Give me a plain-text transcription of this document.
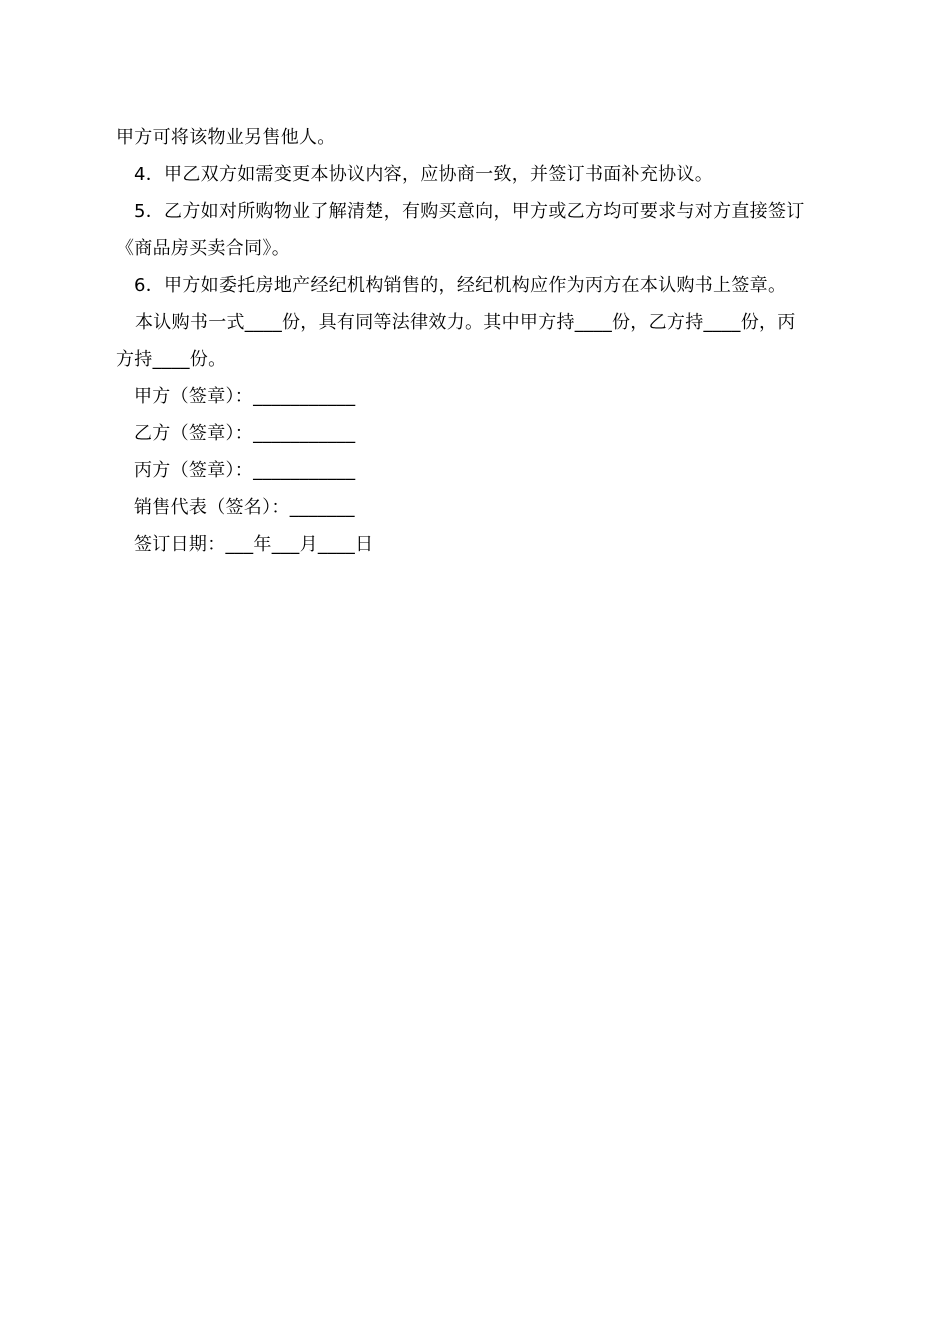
甲方可将该物业另售他人。
4．甲乙双方如需变更本协议内容，应协商一致，并签订书面补充协议。
5．乙方如对所购物业了解清楚，有购买意向，甲方或乙方均可要求与对方直接签订
《商品房买卖合同》。
6．甲方如委托房地产经纪机构销售的，经纪机构应作为丙方在本认购书上签章。
本认购书一式____份，具有同等法律效力。其中甲方持____份，乙方持____份，丙
方持____份。
甲方（签章）：___________
乙方（签章）：___________
丙方（签章）：___________
销售代表（签名）：_______
签订日期：___年___月____日
